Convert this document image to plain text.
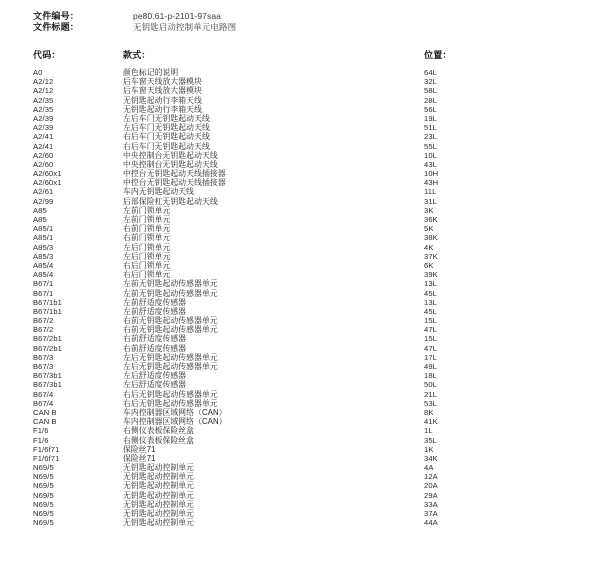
文件编号：	pe80.61-p-2101-97saa
文件标题：	无钥匙启动控制单元电路图
代码：	款式：	位置：
A0	颜色标记的说明	64L
A2/12	后车窗天线放大器模块	32L
A2/12	后车窗天线放大器模块	58L
A2/35	无钥匙起动行李箱天线	28L
A2/35	无钥匙起动行李箱天线	56L
A2/39	左后车门无钥匙起动天线	19L
A2/39	左后车门无钥匙起动天线	51L
A2/41	右后车门无钥匙起动天线	23L
A2/41	右后车门无钥匙起动天线	55L
A2/60	中央控制台无钥匙起动天线	10L
A2/60	中央控制台无钥匙起动天线	43L
A2/60x1	中控台无钥匙起动天线插接器	10H
A2/60x1	中控台无钥匙起动天线插接器	43H
A2/61	车内无钥匙起动天线	11L
A2/99	后部保险杠无钥匙起动天线	31L
A85	左前门锁单元	3K
A85	左前门锁单元	36K
A85/1	右前门锁单元	5K
A85/1	右前门锁单元	38K
A85/3	左后门锁单元	4K
A85/3	左后门锁单元	37K
A85/4	右后门锁单元	6K
A85/4	右后门锁单元	39K
B67/1	左前无钥匙起动传感器单元	13L
B67/1	左前无钥匙起动传感器单元	45L
B67/1b1	左前舒适度传感器	13L
B67/1b1	左前舒适度传感器	45L
B67/2	右前无钥匙起动传感器单元	15L
B67/2	右前无钥匙起动传感器单元	47L
B67/2b1	右前舒适度传感器	15L
B67/2b1	右前舒适度传感器	47L
B67/3	左后无钥匙起动传感器单元	17L
B67/3	左后无钥匙起动传感器单元	49L
B67/3b1	左后舒适度传感器	18L
B67/3b1	左后舒适度传感器	50L
B67/4	右后无钥匙起动传感器单元	21L
B67/4	右后无钥匙起动传感器单元	53L
CAN B	车内控制器区域网络（CAN）	8K
CAN B	车内控制器区域网络（CAN）	41K
F1/6	右侧仪表板保险丝盒	1L
F1/6	右侧仪表板保险丝盒	35L
F1/6f71	保险丝71	1K
F1/6f71	保险丝71	34K
N69/5	无钥匙起动控制单元	4A
N69/5	无钥匙起动控制单元	12A
N69/5	无钥匙起动控制单元	20A
N69/5	无钥匙起动控制单元	29A
N69/5	无钥匙起动控制单元	33A
N69/5	无钥匙起动控制单元	37A
N69/5	无钥匙起动控制单元	44A
